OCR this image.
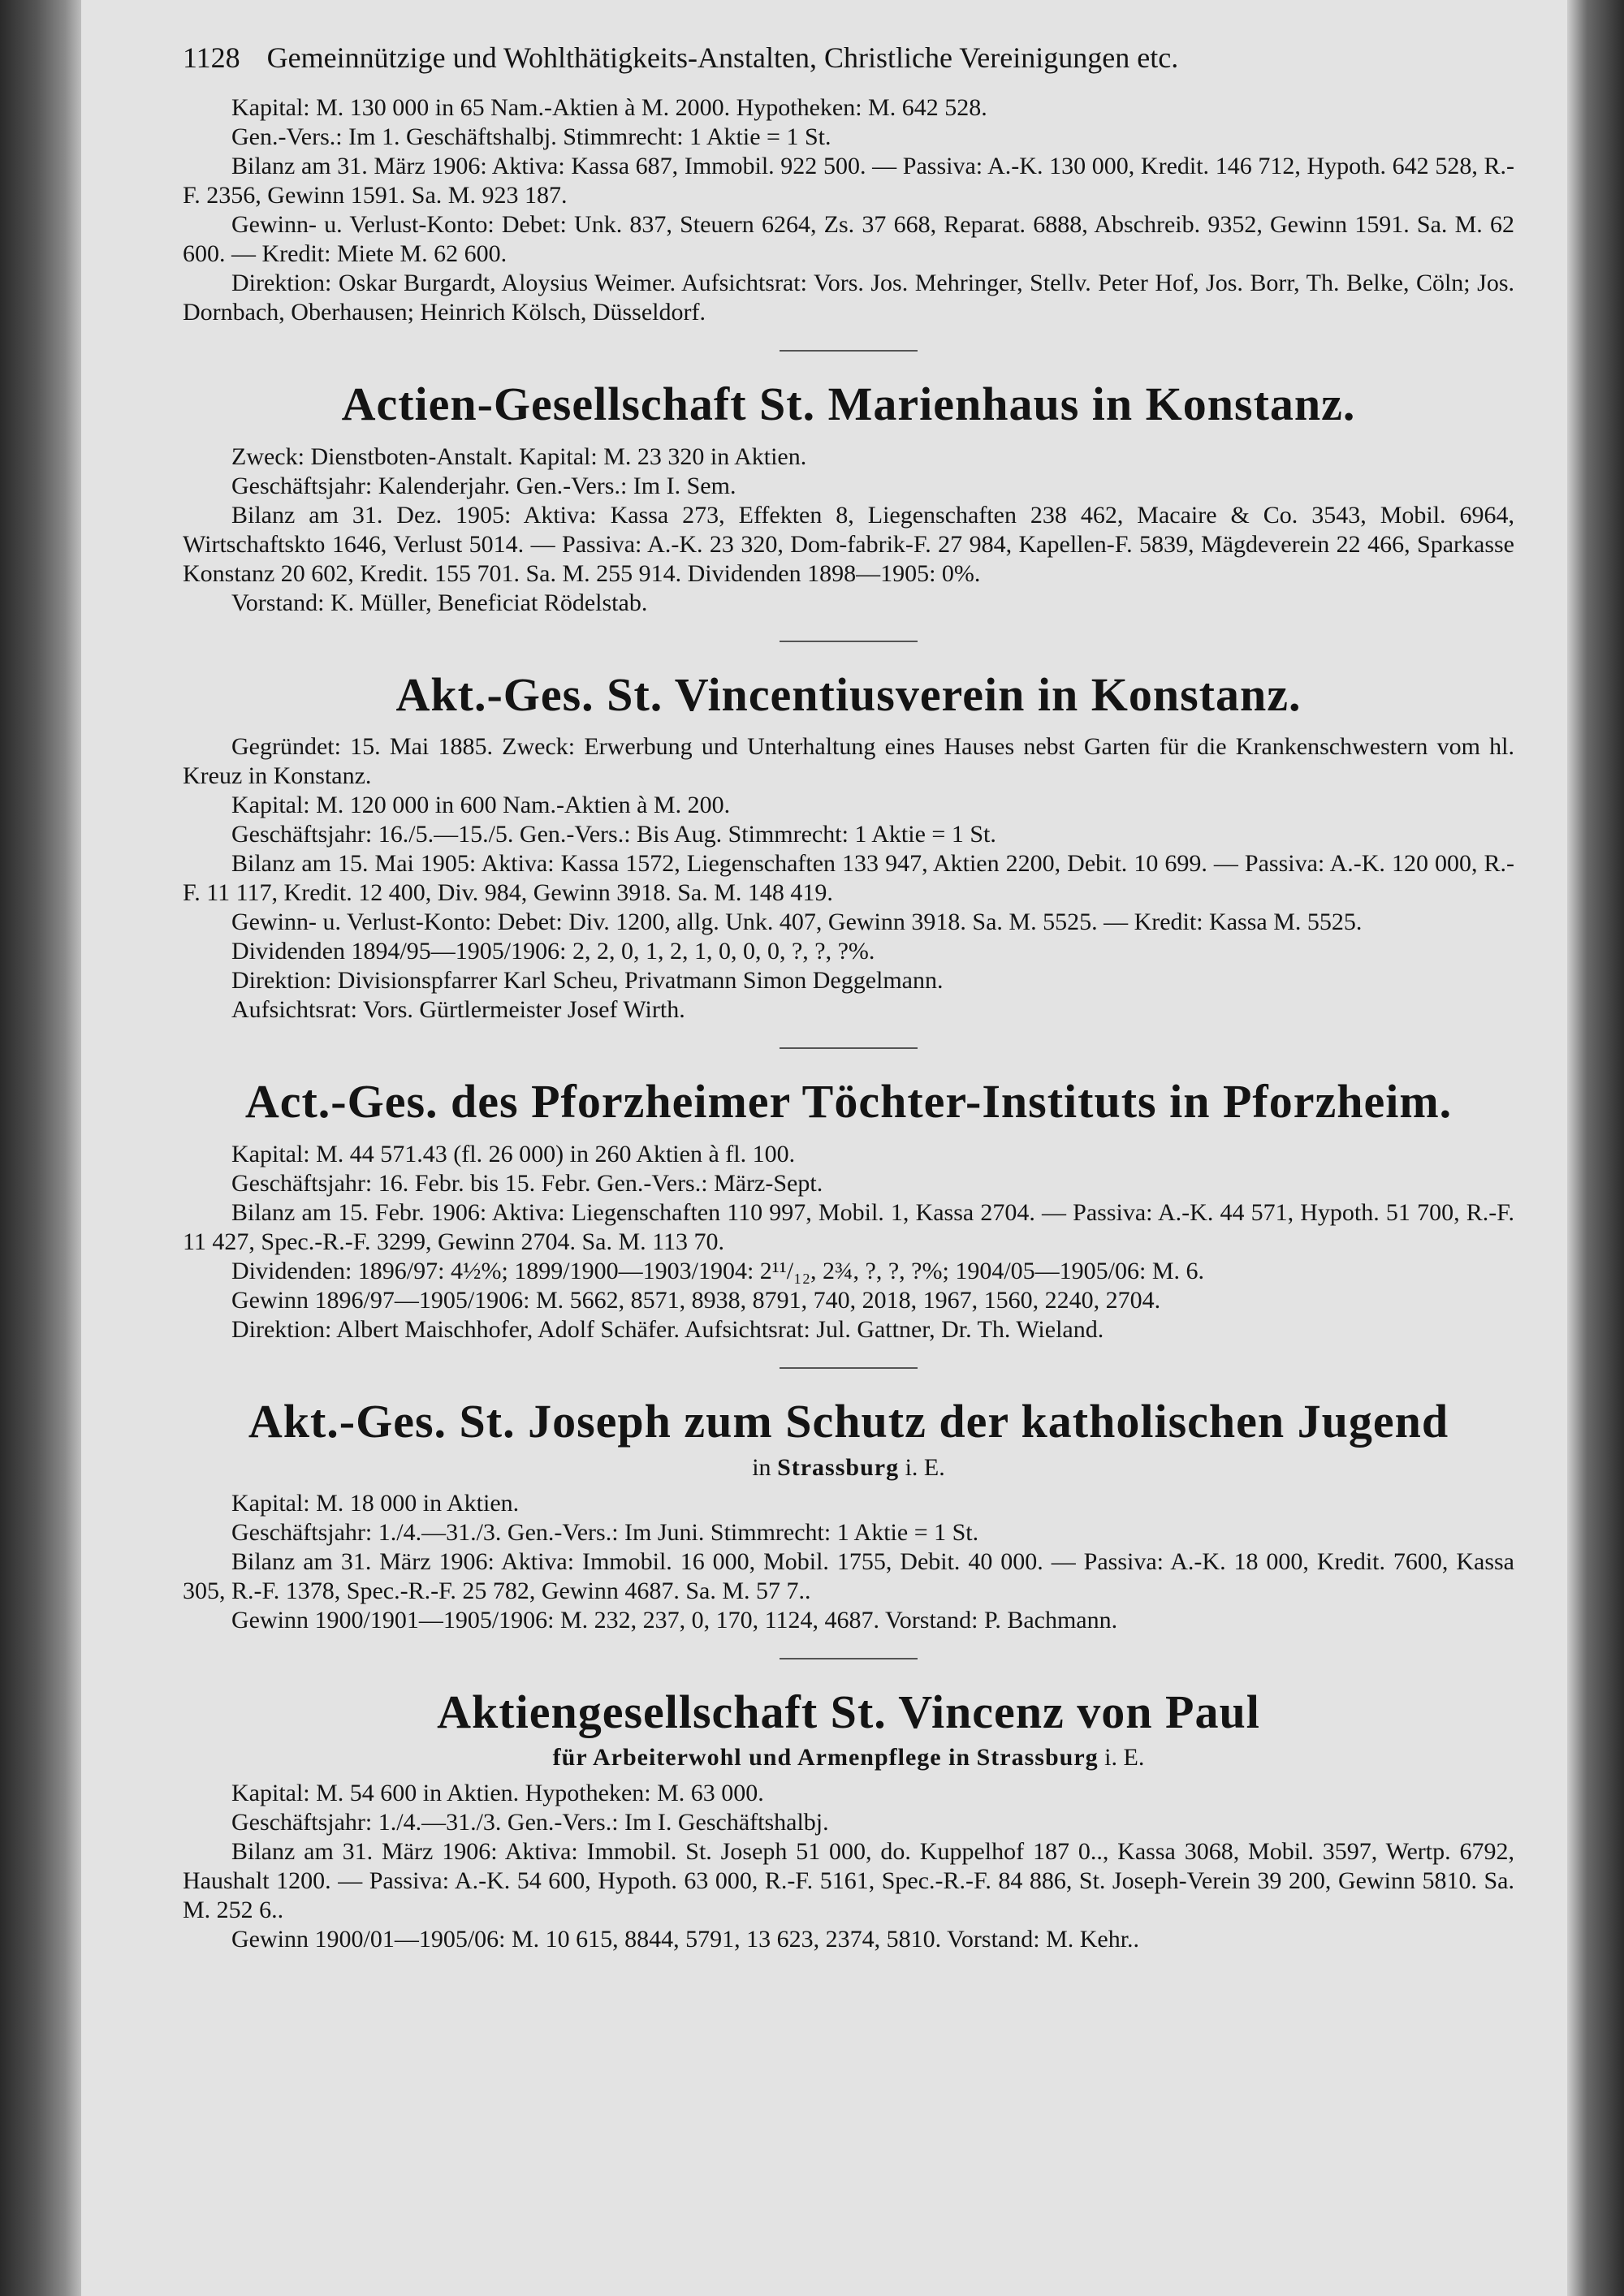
1128 Gemeinnützige und Wohlthätigkeits-Anstalten, Christliche Vereinigungen etc.

Kapital: M. 130 000 in 65 Nam.-Aktien à M. 2000. Hypotheken: M. 642 528.

Gen.-Vers.: Im 1. Geschäftshalbj. Stimmrecht: 1 Aktie = 1 St.

Bilanz am 31. März 1906: Aktiva: Kassa 687, Immobil. 922 500. — Passiva: A.-K. 130 000, Kredit. 146 712, Hypoth. 642 528, R.-F. 2356, Gewinn 1591. Sa. M. 923 187.

Gewinn- u. Verlust-Konto: Debet: Unk. 837, Steuern 6264, Zs. 37 668, Reparat. 6888, Abschreib. 9352, Gewinn 1591. Sa. M. 62 600. — Kredit: Miete M. 62 600.

Direktion: Oskar Burgardt, Aloysius Weimer. Aufsichtsrat: Vors. Jos. Mehringer, Stellv. Peter Hof, Jos. Borr, Th. Belke, Cöln; Jos. Dornbach, Oberhausen; Heinrich Kölsch, Düsseldorf.

Actien-Gesellschaft St. Marienhaus in Konstanz.

Zweck: Dienstboten-Anstalt. Kapital: M. 23 320 in Aktien.

Geschäftsjahr: Kalenderjahr. Gen.-Vers.: Im I. Sem.

Bilanz am 31. Dez. 1905: Aktiva: Kassa 273, Effekten 8, Liegenschaften 238 462, Macaire & Co. 3543, Mobil. 6964, Wirtschaftskto 1646, Verlust 5014. — Passiva: A.-K. 23 320, Dom-fabrik-F. 27 984, Kapellen-F. 5839, Mägdeverein 22 466, Sparkasse Konstanz 20 602, Kredit. 155 701. Sa. M. 255 914. Dividenden 1898—1905: 0%.

Vorstand: K. Müller, Beneficiat Rödelstab.

Akt.-Ges. St. Vincentiusverein in Konstanz.

Gegründet: 15. Mai 1885. Zweck: Erwerbung und Unterhaltung eines Hauses nebst Garten für die Krankenschwestern vom hl. Kreuz in Konstanz.

Kapital: M. 120 000 in 600 Nam.-Aktien à M. 200.

Geschäftsjahr: 16./5.—15./5. Gen.-Vers.: Bis Aug. Stimmrecht: 1 Aktie = 1 St.

Bilanz am 15. Mai 1905: Aktiva: Kassa 1572, Liegenschaften 133 947, Aktien 2200, Debit. 10 699. — Passiva: A.-K. 120 000, R.-F. 11 117, Kredit. 12 400, Div. 984, Gewinn 3918. Sa. M. 148 419.

Gewinn- u. Verlust-Konto: Debet: Div. 1200, allg. Unk. 407, Gewinn 3918. Sa. M. 5525. — Kredit: Kassa M. 5525.

Dividenden 1894/95—1905/1906: 2, 2, 0, 1, 2, 1, 0, 0, 0, ?, ?, ?%.

Direktion: Divisionspfarrer Karl Scheu, Privatmann Simon Deggelmann.

Aufsichtsrat: Vors. Gürtlermeister Josef Wirth.

Act.-Ges. des Pforzheimer Töchter-Instituts in Pforzheim.

Kapital: M. 44 571.43 (fl. 26 000) in 260 Aktien à fl. 100.

Geschäftsjahr: 16. Febr. bis 15. Febr. Gen.-Vers.: März-Sept.

Bilanz am 15. Febr. 1906: Aktiva: Liegenschaften 110 997, Mobil. 1, Kassa 2704. — Passiva: A.-K. 44 571, Hypoth. 51 700, R.-F. 11 427, Spec.-R.-F. 3299, Gewinn 2704. Sa. M. 113 70.

Dividenden: 1896/97: 4½%; 1899/1900—1903/1904: 2¹¹/₁₂, 2¾, ?, ?, ?%; 1904/05—1905/06: M. 6.

Gewinn 1896/97—1905/1906: M. 5662, 8571, 8938, 8791, 740, 2018, 1967, 1560, 2240, 2704.

Direktion: Albert Maischhofer, Adolf Schäfer. Aufsichtsrat: Jul. Gattner, Dr. Th. Wieland.

Akt.-Ges. St. Joseph zum Schutz der katholischen Jugend
in Strassburg i. E.

Kapital: M. 18 000 in Aktien.

Geschäftsjahr: 1./4.—31./3. Gen.-Vers.: Im Juni. Stimmrecht: 1 Aktie = 1 St.

Bilanz am 31. März 1906: Aktiva: Immobil. 16 000, Mobil. 1755, Debit. 40 000. — Passiva: A.-K. 18 000, Kredit. 7600, Kassa 305, R.-F. 1378, Spec.-R.-F. 25 782, Gewinn 4687. Sa. M. 57 7..

Gewinn 1900/1901—1905/1906: M. 232, 237, 0, 170, 1124, 4687. Vorstand: P. Bachmann.

Aktiengesellschaft St. Vincenz von Paul
für Arbeiterwohl und Armenpflege in Strassburg i. E.

Kapital: M. 54 600 in Aktien. Hypotheken: M. 63 000.

Geschäftsjahr: 1./4.—31./3. Gen.-Vers.: Im I. Geschäftshalbj.

Bilanz am 31. März 1906: Aktiva: Immobil. St. Joseph 51 000, do. Kuppelhof 187 0.., Kassa 3068, Mobil. 3597, Wertp. 6792, Haushalt 1200. — Passiva: A.-K. 54 600, Hypoth. 63 000, R.-F. 5161, Spec.-R.-F. 84 886, St. Joseph-Verein 39 200, Gewinn 5810. Sa. M. 252 6..

Gewinn 1900/01—1905/06: M. 10 615, 8844, 5791, 13 623, 2374, 5810. Vorstand: M. Kehr..
